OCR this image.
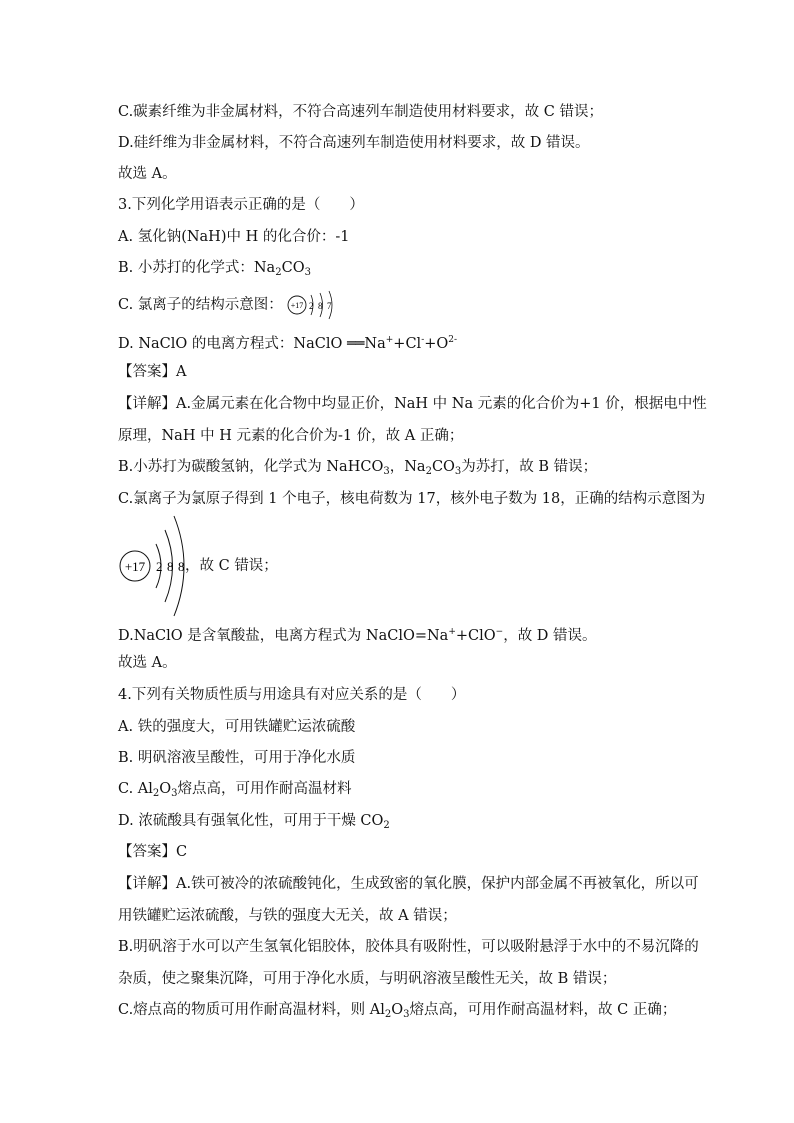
C.碳素纤维为非金属材料，不符合高速列车制造使用材料要求，故 C 错误；
D.硅纤维为非金属材料，不符合高速列车制造使用材料要求，故 D 错误。
故选 A。
3.下列化学用语表示正确的是（　　）
A. 氢化钠(NaH)中 H 的化合价：-1
B. 小苏打的化学式：$Na_2CO_3$
C. 氯离子的结构示意图： +17 2 8 7
D. NaClO 的电离方程式：NaClO $══Na^++Cl^-+O^{2-}$
【答案】A
【详解】A.金属元素在化合物中均显正价，NaH 中 Na 元素的化合价为+1 价，根据电中性
原理，NaH 中 H 元素的化合价为-1 价，故 A 正确；
B.小苏打为碳酸氢钠，化学式为 NaHCO$_3$，$Na_2CO_3$为苏打，故 B 错误；
C.氯离子为氯原子得到 1 个电子，核电荷数为 17，核外电子数为 18，正确的结构示意图为
+17 2 8 8 ，故 C 错误；
D.NaClO 是含氧酸盐，电离方程式为 NaClO=Na++ClO−，故 D 错误。
故选 A。
4.下列有关物质性质与用途具有对应关系的是（　　）
A. 铁的强度大，可用铁罐贮运浓硫酸
B. 明矾溶液呈酸性，可用于净化水质
C. $Al_2O_3$熔点高，可用作耐高温材料
D. 浓硫酸具有强氧化性，可用于干燥 $CO_2$
【答案】C
【详解】A.铁可被冷的浓硫酸钝化，生成致密的氧化膜，保护内部金属不再被氧化，所以可
用铁罐贮运浓硫酸，与铁的强度大无关，故 A 错误；
B.明矾溶于水可以产生氢氧化铝胶体，胶体具有吸附性，可以吸附悬浮于水中的不易沉降的
杂质，使之聚集沉降，可用于净化水质，与明矾溶液呈酸性无关，故 B 错误；
C.熔点高的物质可用作耐高温材料，则 $Al_2O_3$熔点高，可用作耐高温材料，故 C 正确；
